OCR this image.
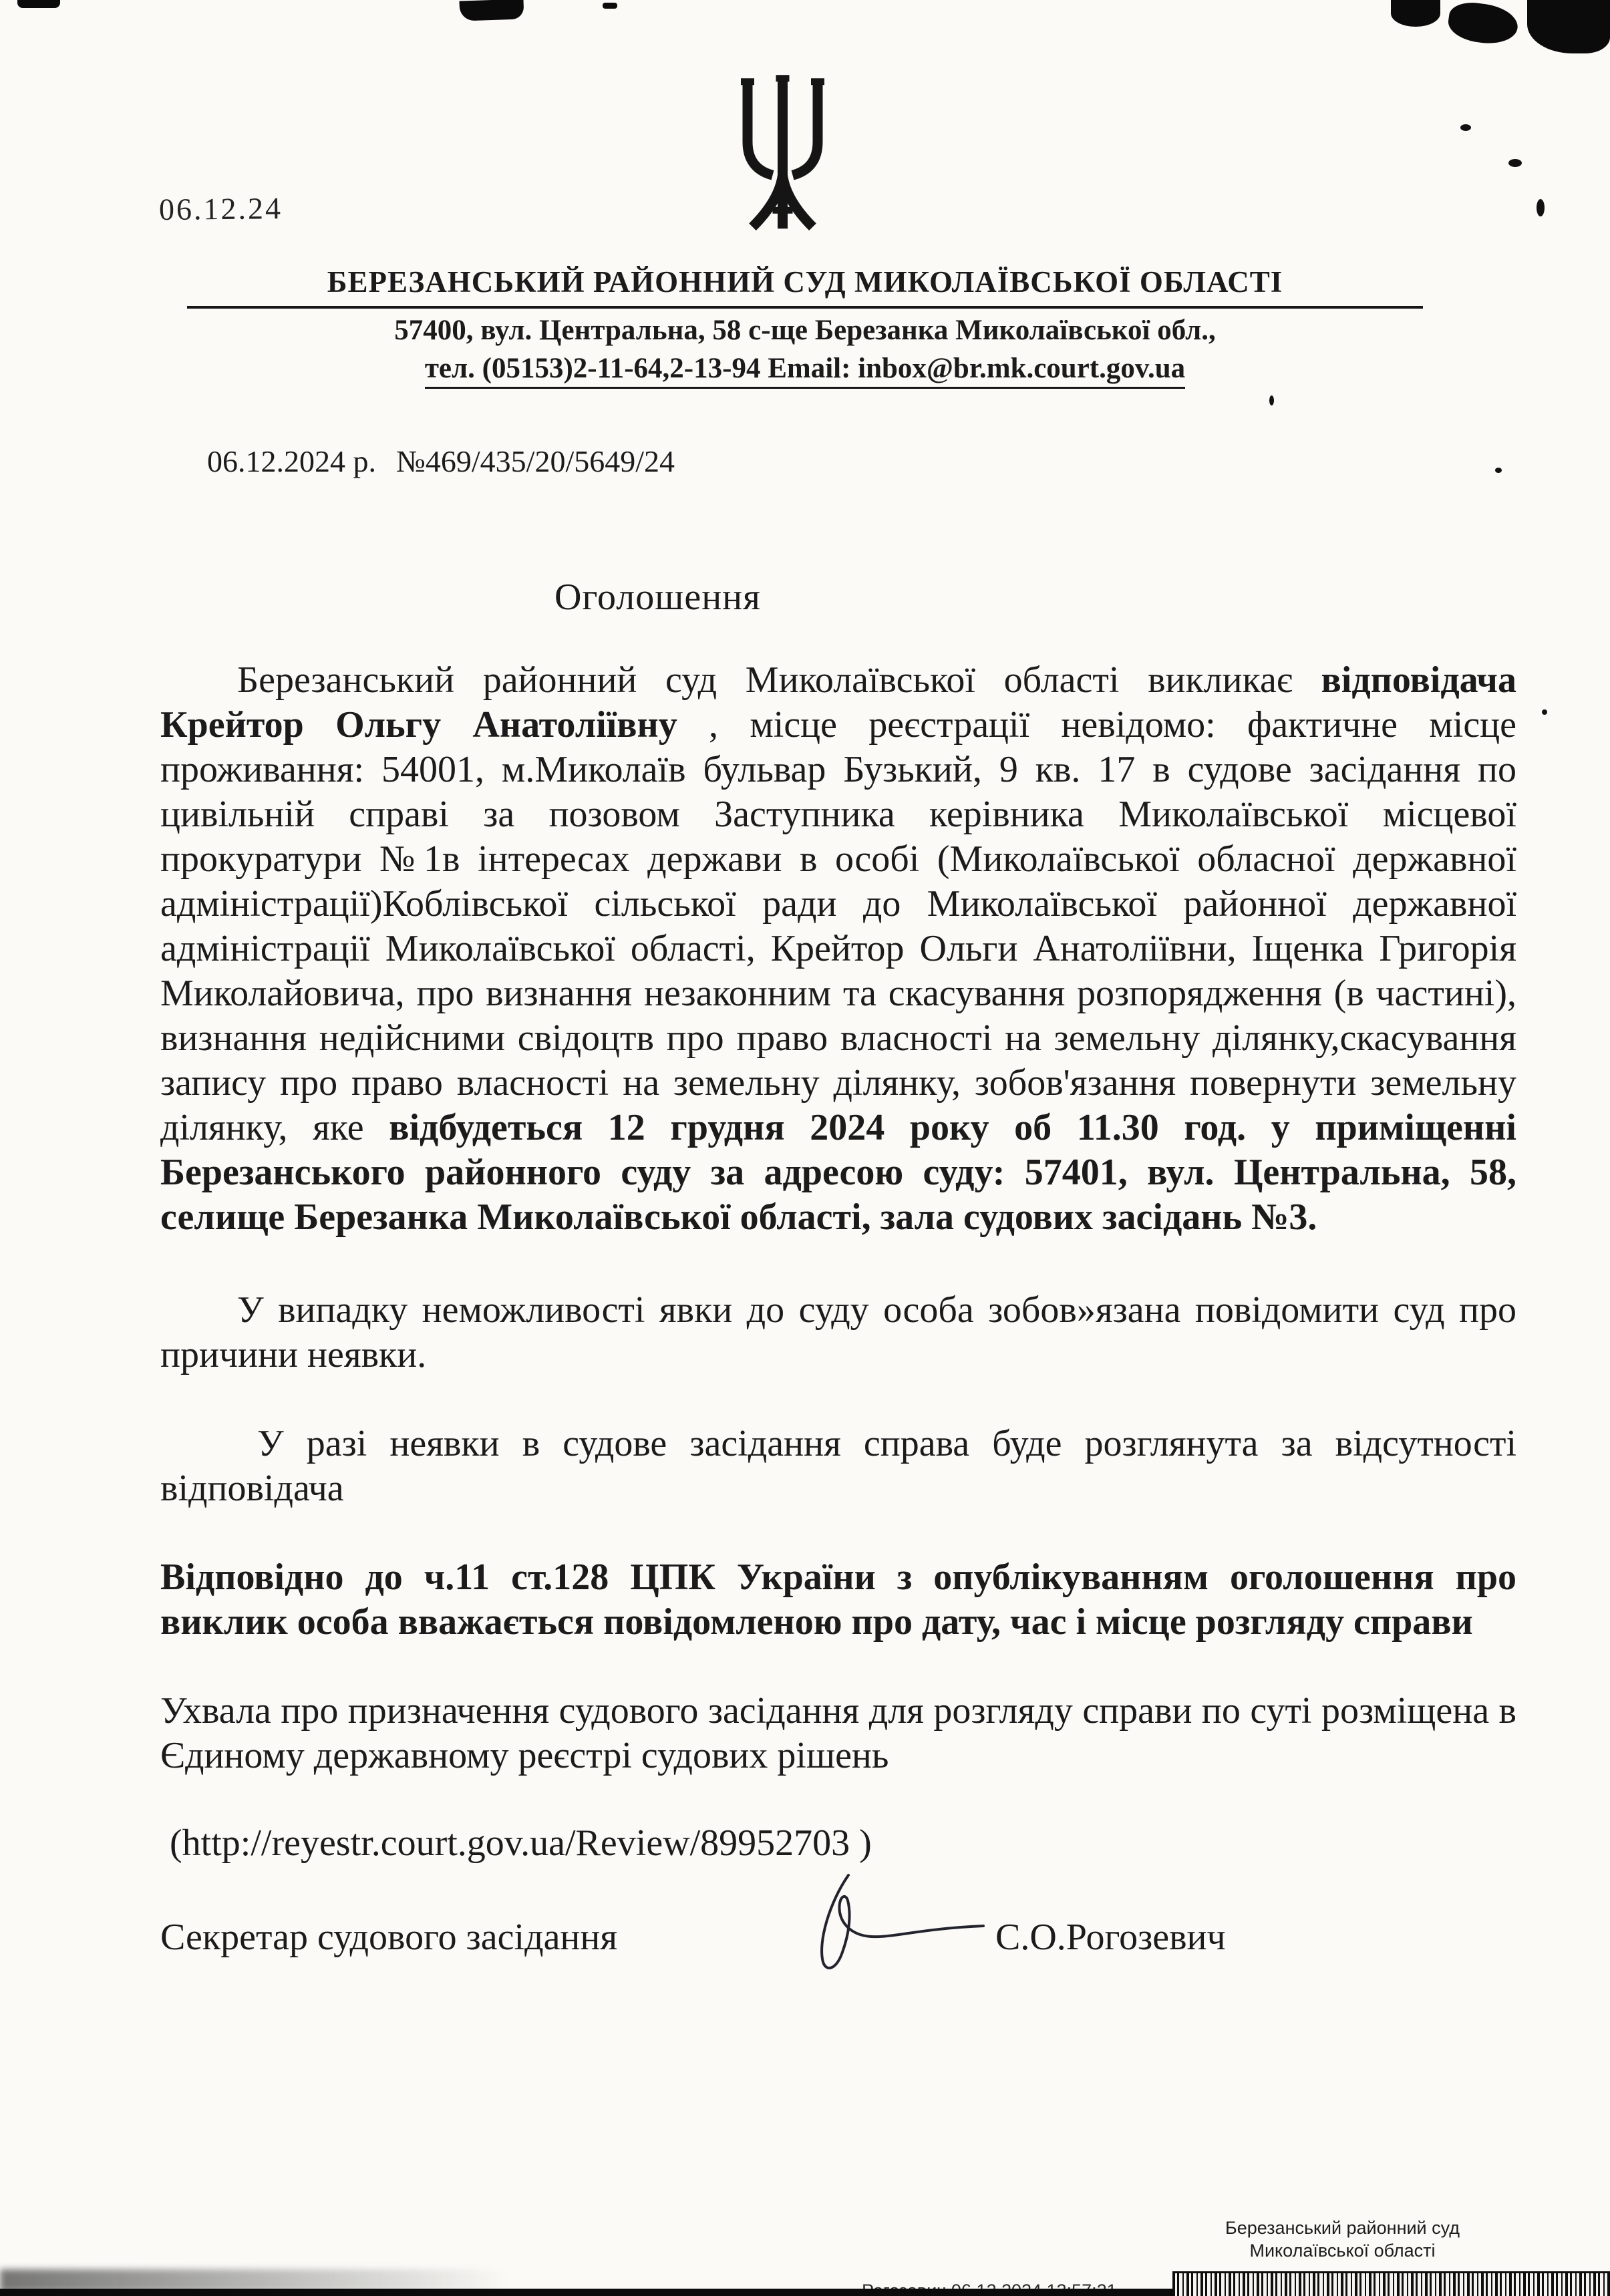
06.12.24
БЕРЕЗАНСЬКИЙ РАЙОННИЙ СУД МИКОЛАЇВСЬКОЇ ОБЛАСТІ
57400, вул. Центральна, 58 с-ще Березанка Миколаївської обл.,
тел. (05153)2-11-64,2-13-94 Email: inbox@br.mk.court.gov.ua
06.12.2024 р. №469/435/20/5649/24
Оголошення

Березанський районний суд Миколаївської області викликає відповідача Крейтор Ольгу Анатоліївну , місце реєстрації невідомо: фактичне місце проживання: 54001, м.Миколаїв бульвар Бузький, 9 кв. 17 в судове засідання по цивільній справі за позовом Заступника керівника Миколаївської місцевої прокуратури №1в інтересах держави в особі (Миколаївської обласної державної адміністрації)Коблівської сільської ради до Миколаївської районної державної адміністрації Миколаївської області, Крейтор Ольги Анатоліївни, Іщенка Григорія Миколайовича, про визнання незаконним та скасування розпорядження (в частині), визнання недійсними свідоцтв про право власності на земельну ділянку,скасування запису про право власності на земельну ділянку, зобов'язання повернути земельну ділянку, яке відбудеться 12 грудня 2024 року об 11.30 год. у приміщенні Березанського районного суду за адресою суду: 57401, вул. Центральна, 58, селище Березанка Миколаївської області, зала судових засідань №3.

У випадку неможливості явки до суду особа зобов»язана повідомити суд про причини неявки.

У разі неявки в судове засідання справа буде розглянута за відсутності відповідача

Відповідно до ч.11 ст.128 ЦПК України з опублікуванням оголошення про виклик особа вважається повідомленою про дату, час і місце розгляду справи

Ухвала про призначення судового засідання для розгляду справи по суті розміщена в Єдиному державному реєстрі судових рішень

(http://reyestr.court.gov.ua/Review/89952703 )

Секретар судового засідання	С.О.Рогозевич
Березанський районний суд
Миколаївської області
